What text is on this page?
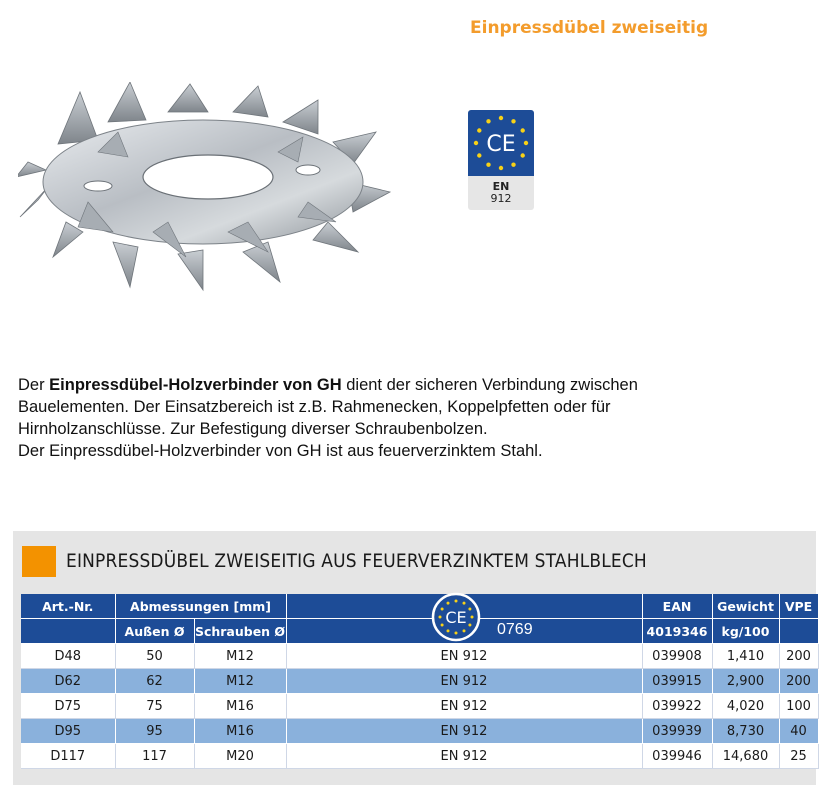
Einpressdübel zweiseitig
CE
EN
912

Der Einpressdübel-Holzverbinder von GH dient der sicheren Verbindung zwischen

Bauelementen. Der Einsatzbereich ist z.B. Rahmenecken, Koppelpfetten oder für

Hirnholzanschlüsse. Zur Befestigung diverser Schraubenbolzen.

Der Einpressdübel-Holzverbinder von GH ist aus feuerverzinktem Stahl.

EINPRESSDÜBEL ZWEISEITIG AUS FEUERVERZINKTEM STAHLBLECH
Art.-Nr.	Abmessungen [mm]			EAN	Gewicht	VPE
	Außen Ø	Schrauben Ø		4019346	kg/100	
D48	50	M12	EN 912	039908	1,410	200
D62	62	M12	EN 912	039915	2,900	200
D75	75	M16	EN 912	039922	4,020	100
D95	95	M16	EN 912	039939	8,730	40
D117	117	M20	EN 912	039946	14,680	25
CE
0769
